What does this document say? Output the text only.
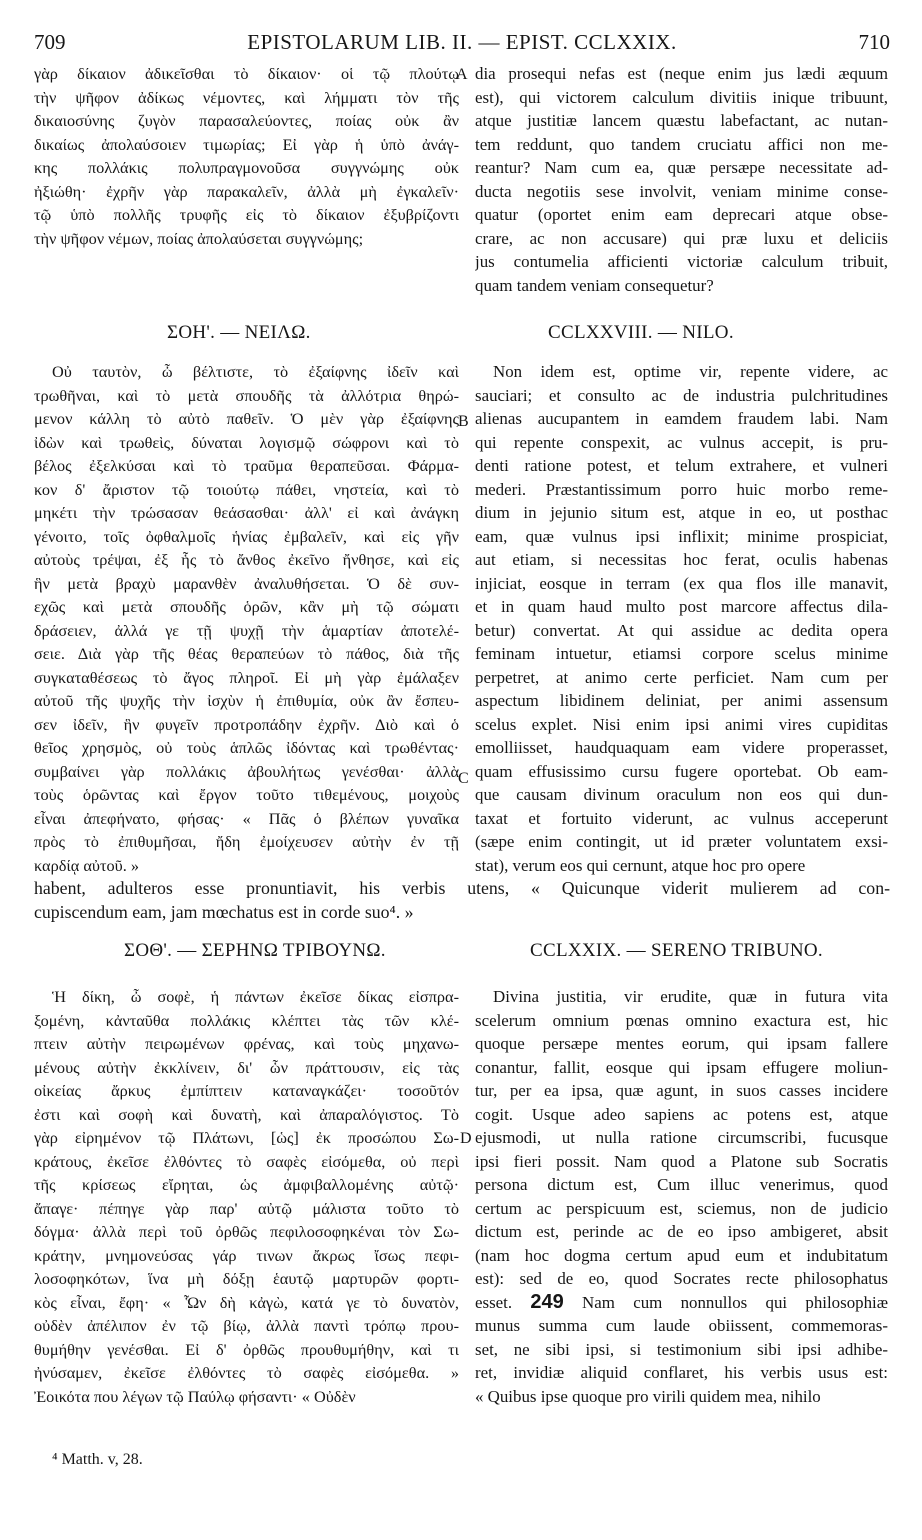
709	EPISTOLARUM LIB. II. — EPIST. CCLXXIX.	710
γὰρ δίκαιον ἀδικεῖσθαι τὸ δίκαιον· οἱ τῷ πλούτῳ
τὴν ψῆφον ἀδίκως νέμοντες, καὶ λήμματι τὸν τῆς
δικαιοσύνης ζυγὸν παρασαλεύοντες, ποίας οὐκ ἂν
δικαίως ἀπολαύσοιεν τιμωρίας; Εἰ γὰρ ἡ ὑπὸ ἀνάγ-
κης πολλάκις πολυπραγμονοῦσα συγγνώμης οὐκ
ἠξιώθη· ἐχρῆν γὰρ παρακαλεῖν, ἀλλὰ μὴ ἐγκαλεῖν·
τῷ ὑπὸ πολλῆς τρυφῆς εἰς τὸ δίκαιον ἐξυβρίζοντι
τὴν ψῆφον νέμων, ποίας ἀπολαύσεται συγγνώμης;
dia prosequi nefas est (neque enim jus lædi æquum
est), qui victorem calculum divitiis inique tribuunt,
atque justitiæ lancem quæstu labefactant, ac nutan-
tem reddunt, quo tandem cruciatu affici non me-
reantur? Nam cum ea, quæ persæpe necessitate ad-
ducta negotiis sese involvit, veniam minime conse-
quatur (oportet enim eam deprecari atque obse-
crare, ac non accusare) qui præ luxu et deliciis
jus contumelia afficienti victoriæ calculum tribuit,
quam tandem veniam consequetur?
ΣΟΗ'. — ΝΕΙΛΩ.	CCLXXVIII. — NILO.
Οὐ ταυτὸν, ὦ βέλτιστε, τὸ ἐξαίφνης ἰδεῖν καὶ
τρωθῆναι, καὶ τὸ μετὰ σπουδῆς τὰ ἀλλότρια θηρώ-
μενον κάλλη τὸ αὐτὸ παθεῖν. Ὁ μὲν γὰρ ἐξαίφνης
ἰδὼν καὶ τρωθεὶς, δύναται λογισμῷ σώφρονι καὶ τὸ
βέλος ἐξελκύσαι καὶ τὸ τραῦμα θεραπεῦσαι. Φάρμα-
κον δ' ἄριστον τῷ τοιούτῳ πάθει, νηστεία, καὶ τὸ
μηκέτι τὴν τρώσασαν θεάσασθαι· ἀλλ' εἰ καὶ ἀνάγκη
γένοιτο, τοῖς ὀφθαλμοῖς ἡνίας ἐμβαλεῖν, καὶ εἰς γῆν
αὐτοὺς τρέψαι, ἐξ ἧς τὸ ἄνθος ἐκεῖνο ἤνθησε, καὶ εἰς
ἣν μετὰ βραχὺ μαρανθὲν ἀναλυθήσεται. Ὁ δὲ συν-
εχῶς καὶ μετὰ σπουδῆς ὁρῶν, κἂν μὴ τῷ σώματι
δράσειεν, ἀλλά γε τῇ ψυχῇ τὴν ἁμαρτίαν ἀποτελέ-
σειε. Διὰ γὰρ τῆς θέας θεραπεύων τὸ πάθος, διὰ τῆς
συγκαταθέσεως τὸ ἄγος πληροῖ. Εἰ μὴ γὰρ ἐμάλαξεν
αὐτοῦ τῆς ψυχῆς τὴν ἰσχὺν ἡ ἐπιθυμία, οὐκ ἂν ἔσπευ-
σεν ἰδεῖν, ἣν φυγεῖν προτροπάδην ἐχρῆν. Διὸ καὶ ὁ
θεῖος χρησμὸς, οὐ τοὺς ἁπλῶς ἰδόντας καὶ τρωθέντας·
συμβαίνει γὰρ πολλάκις ἀβουλήτως γενέσθαι· ἀλλὰ
τοὺς ὁρῶντας καὶ ἔργον τοῦτο τιθεμένους, μοιχοὺς
εἶναι ἀπεφήνατο, φήσας· « Πᾶς ὁ βλέπων γυναῖκα
πρὸς τὸ ἐπιθυμῆσαι, ἤδη ἐμοίχευσεν αὐτὴν ἐν τῇ
καρδίᾳ αὐτοῦ. »
Non idem est, optime vir, repente videre, ac
sauciari; et consulto ac de industria pulchritudines
alienas aucupantem in eamdem fraudem labi. Nam
qui repente conspexit, ac vulnus accepit, is pru-
denti ratione potest, et telum extrahere, et vulneri
mederi. Præstantissimum porro huic morbo reme-
dium in jejunio situm est, atque in eo, ut posthac
eam, quæ vulnus ipsi inflixit; minime prospiciat,
aut etiam, si necessitas hoc ferat, oculis habenas
injiciat, eosque in terram (ex qua flos ille manavit,
et in quam haud multo post marcore affectus dila-
betur) convertat. At qui assidue ac dedita opera
feminam intuetur, etiamsi corpore scelus minime
perpetret, at animo certe perficiet. Nam cum per
aspectum libidinem deliniat, per animi assensum
scelus explet. Nisi enim ipsi animi vires cupiditas
emolliisset, haudquaquam eam videre properasset,
quam effusissimo cursu fugere oportebat. Ob eam-
que causam divinum oraculum non eos qui dun-
taxat et fortuito viderunt, ac vulnus acceperunt
(sæpe enim contingit, ut id præter voluntatem exsi-
stat), verum eos qui cernunt, atque hoc pro opere
habent, adulteros esse pronuntiavit, his verbis utens, « Quicunque viderit mulierem ad con-
cupiscendum eam, jam mœchatus est in corde suo⁴. »
ΣΟΘ'. — ΣΕΡΗΝΩ ΤΡΙΒΟΥΝΩ.	CCLXXIX. — SERENO TRIBUNO.
Ἡ δίκη, ὦ σοφὲ, ἡ πάντων ἐκεῖσε δίκας εἰσπρα-
ξομένη, κἀνταῦθα πολλάκις κλέπτει τὰς τῶν κλέ-
πτειν αὐτὴν πειρωμένων φρένας, καὶ τοὺς μηχανω-
μένους αὐτὴν ἐκκλίνειν, δι' ὧν πράττουσιν, εἰς τὰς
οἰκείας ἄρκυς ἐμπίπτειν καταναγκάζει· τοσοῦτόν
ἐστι καὶ σοφὴ καὶ δυνατὴ, καὶ ἀπαραλόγιστος. Τὸ
γὰρ εἰρημένον τῷ Πλάτωνι, [ὡς] ἐκ προσώπου Σω-
κράτους, ἐκεῖσε ἐλθόντες τὸ σαφὲς εἰσόμεθα, οὐ περὶ
τῆς κρίσεως εἴρηται, ὡς ἀμφιβαλλομένης αὐτῷ·
ἄπαγε· πέπηγε γὰρ παρ' αὐτῷ μάλιστα τοῦτο τὸ
δόγμα· ἀλλὰ περὶ τοῦ ὀρθῶς πεφιλοσοφηκέναι τὸν Σω-
κράτην, μνημονεύσας γάρ τινων ἄκρως ἴσως πεφι-
λοσοφηκότων, ἵνα μὴ δόξῃ ἑαυτῷ μαρτυρῶν φορτι-
κὸς εἶναι, ἔφη· « Ὧν δὴ κἀγὼ, κατά γε τὸ δυνατὸν,
οὐδὲν ἀπέλιπον ἐν τῷ βίῳ, ἀλλὰ παντὶ τρόπῳ πρου-
θυμήθην γενέσθαι. Εἰ δ' ὀρθῶς προυθυμήθην, καὶ τι
ἠνύσαμεν, ἐκεῖσε ἐλθόντες τὸ σαφὲς εἰσόμεθα. »
Ἐοικότα που λέγων τῷ Παύλῳ φήσαντι· « Οὐδὲν
Divina justitia, vir erudite, quæ in futura vita
scelerum omnium pœnas omnino exactura est, hic
quoque persæpe mentes eorum, qui ipsam fallere
conantur, fallit, eosque qui ipsam effugere moliun-
tur, per ea ipsa, quæ agunt, in suos casses incidere
cogit. Usque adeo sapiens ac potens est, atque
ejusmodi, ut nulla ratione circumscribi, fucusque
ipsi fieri possit. Nam quod a Platone sub Socratis
persona dictum est, Cum illuc venerimus, quod
certum ac perspicuum est, sciemus, non de judicio
dictum est, perinde ac de eo ipso ambigeret, absit
(nam hoc dogma certum apud eum et indubitatum
est): sed de eo, quod Socrates recte philosophatus
esset. 249 Nam cum nonnullos qui philosophiæ
munus summa cum laude obiissent, commemoras-
set, ne sibi ipsi, si testimonium sibi ipsi adhibe-
ret, invidiæ aliquid conflaret, his verbis usus est:
« Quibus ipse quoque pro virili quidem mea, nihilo
A
B
C
D
⁴ Matth. v, 28.
